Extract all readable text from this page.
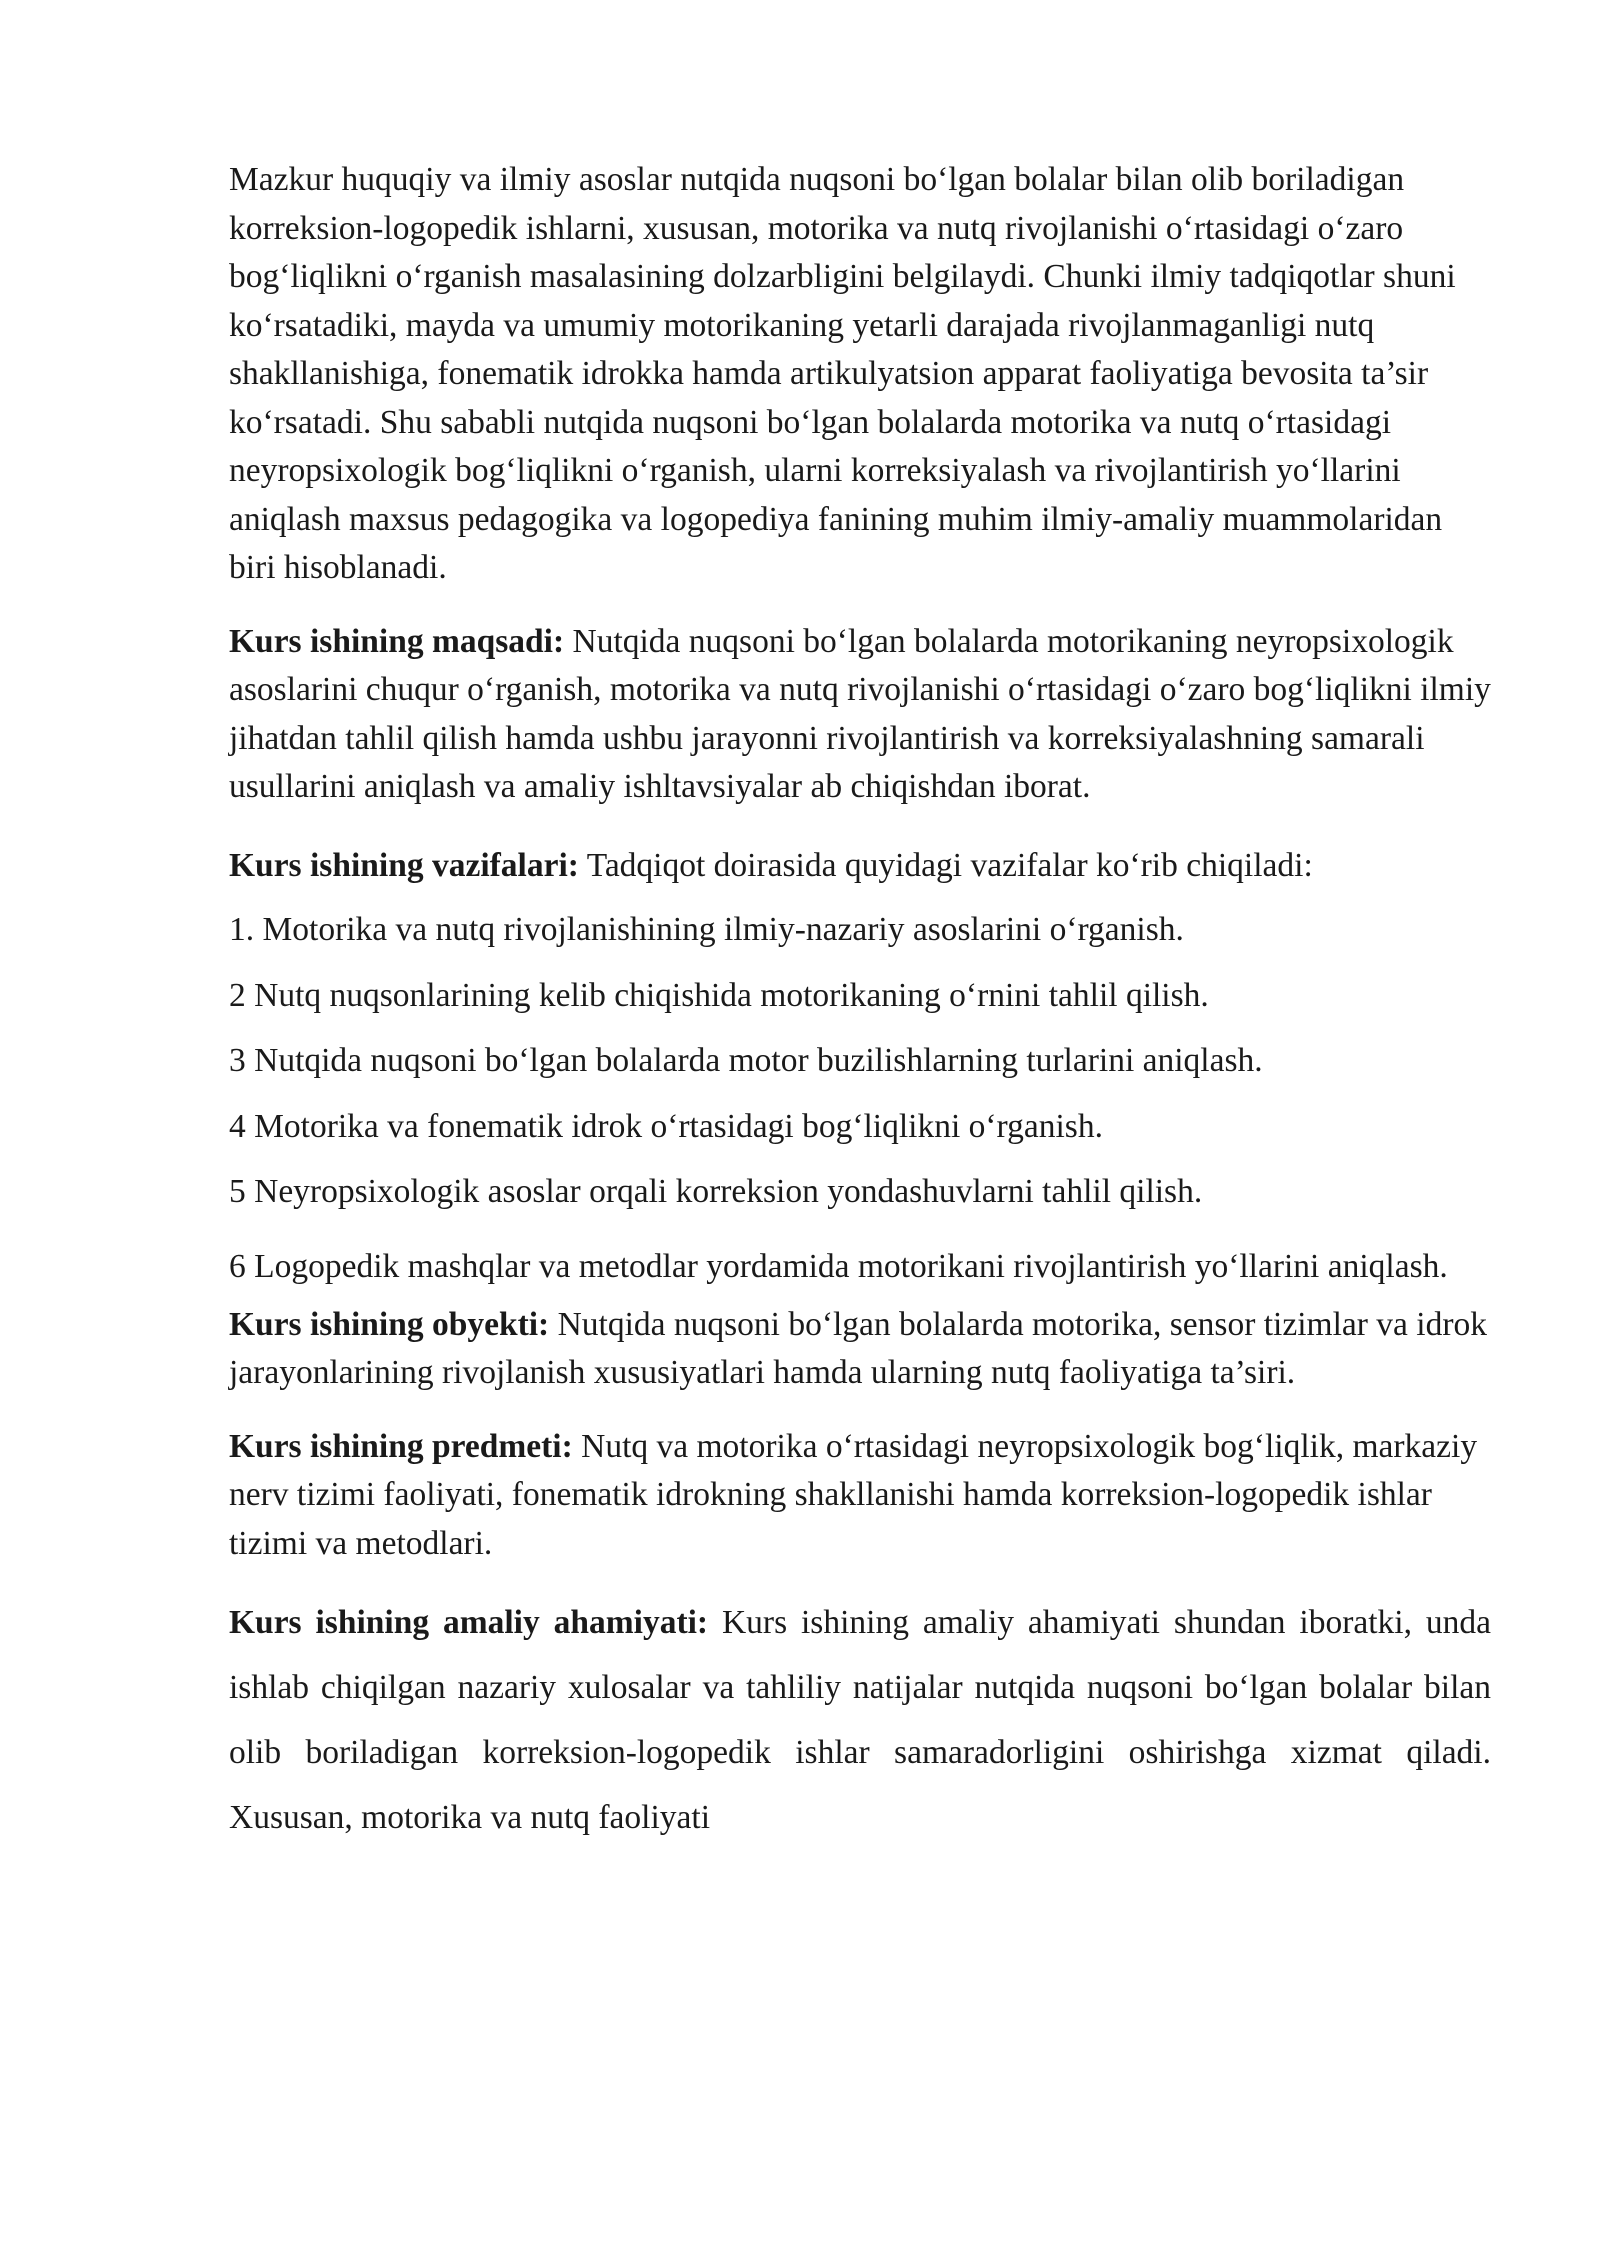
Mazkur huquqiy va ilmiy asoslar nutqida nuqsoni bo‘lgan bolalar bilan olib boriladigan korreksion-logopedik ishlarni, xususan, motorika va nutq rivojlanishi o‘rtasidagi o‘zaro bog‘liqlikni o‘rganish masalasining dolzarbligini belgilaydi. Chunki ilmiy tadqiqotlar shuni ko‘rsatadiki, mayda va umumiy motorikaning yetarli darajada rivojlanmaganligi nutq shakllanishiga, fonematik idrokka hamda artikulyatsion apparat faoliyatiga bevosita ta’sir ko‘rsatadi. Shu sababli nutqida nuqsoni bo‘lgan bolalarda motorika va nutq o‘rtasidagi neyropsixologik bog‘liqlikni o‘rganish, ularni korreksiyalash va rivojlantirish yo‘llarini aniqlash maxsus pedagogika va logopediya fanining muhim ilmiy-amaliy muammolaridan biri hisoblanadi.

Kurs ishining maqsadi: Nutqida nuqsoni bo‘lgan bolalarda motorikaning neyropsixologik asoslarini chuqur o‘rganish, motorika va nutq rivojlanishi o‘rtasidagi o‘zaro bog‘liqlikni ilmiy jihatdan tahlil qilish hamda ushbu jarayonni rivojlantirish va korreksiyalashning samarali usullarini aniqlash va amaliy ishltavsiyalar ab chiqishdan iborat.

Kurs ishining vazifalari: Tadqiqot doirasida quyidagi vazifalar ko‘rib chiqiladi:

1. Motorika va nutq rivojlanishining ilmiy-nazariy asoslarini o‘rganish.

2 Nutq nuqsonlarining kelib chiqishida motorikaning o‘rnini tahlil qilish.

3 Nutqida nuqsoni bo‘lgan bolalarda motor buzilishlarning turlarini aniqlash.

4 Motorika va fonematik idrok o‘rtasidagi bog‘liqlikni o‘rganish.

5 Neyropsixologik asoslar orqali korreksion yondashuvlarni tahlil qilish.

6 Logopedik mashqlar va metodlar yordamida motorikani rivojlantirish yo‘llarini aniqlash.

Kurs ishining obyekti: Nutqida nuqsoni bo‘lgan bolalarda motorika, sensor tizimlar va idrok jarayonlarining rivojlanish xususiyatlari hamda ularning nutq faoliyatiga ta’siri.

Kurs ishining predmeti: Nutq va motorika o‘rtasidagi neyropsixologik bog‘liqlik, markaziy nerv tizimi faoliyati, fonematik idrokning shakllanishi hamda korreksion-logopedik ishlar tizimi va metodlari.

Kurs ishining amaliy ahamiyati: Kurs ishining amaliy ahamiyati shundan iboratki, unda ishlab chiqilgan nazariy xulosalar va tahliliy natijalar nutqida nuqsoni bo‘lgan bolalar bilan olib boriladigan korreksion-logopedik ishlar samaradorligini oshirishga xizmat qiladi. Xususan, motorika va nutq faoliyati
